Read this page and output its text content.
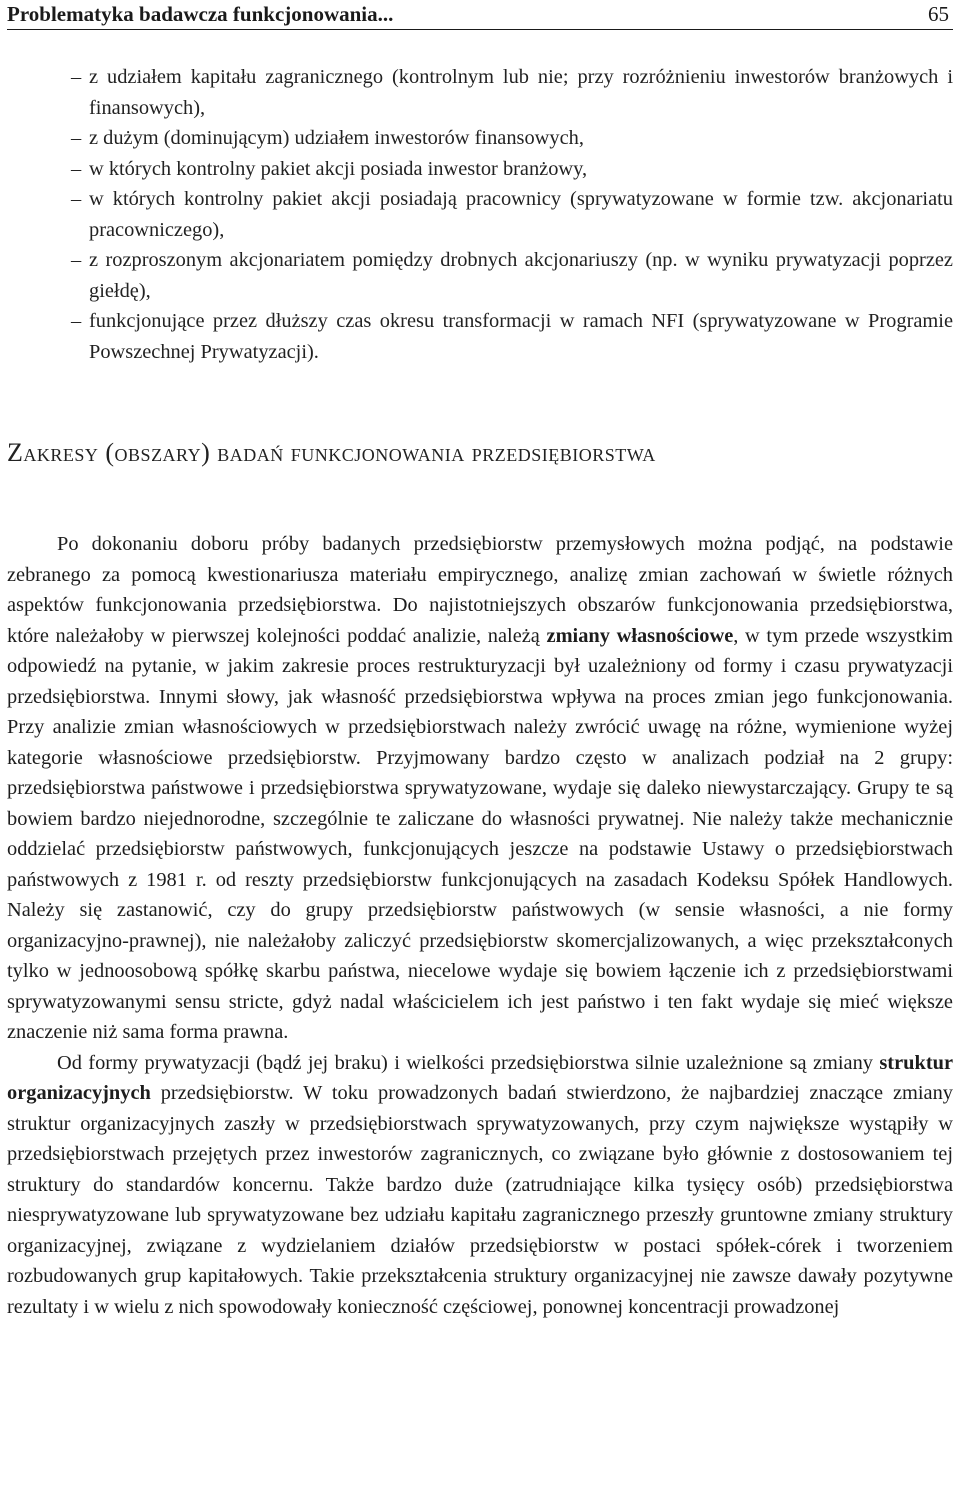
Problematyka badawcza funkcjonowania...	65
– z udziałem kapitału zagranicznego (kontrolnym lub nie; przy rozróżnieniu inwestorów branżowych i finansowych),
– z dużym (dominującym) udziałem inwestorów finansowych,
– w których kontrolny pakiet akcji posiada inwestor branżowy,
– w których kontrolny pakiet akcji posiadają pracownicy (sprywatyzowane w formie tzw. akcjonariatu pracowniczego),
– z rozproszonym akcjonariatem pomiędzy drobnych akcjonariuszy (np. w wyniku prywatyzacji poprzez giełdę),
– funkcjonujące przez dłuższy czas okresu transformacji w ramach NFI (sprywatyzowane w Programie Powszechnej Prywatyzacji).
Zakresy (obszary) badań funkcjonowania przedsiębiorstwa

Po dokonaniu doboru próby badanych przedsiębiorstw przemysłowych można podjąć, na podstawie zebranego za pomocą kwestionariusza materiału empirycznego, analizę zmian zachowań w świetle różnych aspektów funkcjonowania przedsiębiorstwa. Do najistotniejszych obszarów funkcjonowania przedsiębiorstwa, które należałoby w pierwszej kolejności poddać analizie, należą zmiany własnościowe, w tym przede wszystkim odpowiedź na pytanie, w jakim zakresie proces restrukturyzacji był uzależniony od formy i czasu prywatyzacji przedsiębiorstwa. Innymi słowy, jak własność przedsiębiorstwa wpływa na proces zmian jego funkcjonowania. Przy analizie zmian własnościowych w przedsiębiorstwach należy zwrócić uwagę na różne, wymienione wyżej kategorie własnościowe przedsiębiorstw. Przyjmowany bardzo często w analizach podział na 2 grupy: przedsiębiorstwa państwowe i przedsiębiorstwa sprywatyzowane, wydaje się daleko niewystarczający. Grupy te są bowiem bardzo niejednorodne, szczególnie te zaliczane do własności prywatnej. Nie należy także mechanicznie oddzielać przedsiębiorstw państwowych, funkcjonujących jeszcze na podstawie Ustawy o przedsiębiorstwach państwowych z 1981 r. od reszty przedsiębiorstw funkcjonujących na zasadach Kodeksu Spółek Handlowych. Należy się zastanowić, czy do grupy przedsiębiorstw państwowych (w sensie własności, a nie formy organizacyjno-prawnej), nie należałoby zaliczyć przedsiębiorstw skomercjalizowanych, a więc przekształconych tylko w jednoosobową spółkę skarbu państwa, niecelowe wydaje się bowiem łączenie ich z przedsiębiorstwami sprywatyzowanymi sensu stricte, gdyż nadal właścicielem ich jest państwo i ten fakt wydaje się mieć większe znaczenie niż sama forma prawna.

Od formy prywatyzacji (bądź jej braku) i wielkości przedsiębiorstwa silnie uzależnione są zmiany struktur organizacyjnych przedsiębiorstw. W toku prowadzonych badań stwierdzono, że najbardziej znaczące zmiany struktur organizacyjnych zaszły w przedsiębiorstwach sprywatyzowanych, przy czym największe wystąpiły w przedsiębiorstwach przejętych przez inwestorów zagranicznych, co związane było głównie z dostosowaniem tej struktury do standardów koncernu. Także bardzo duże (zatrudniające kilka tysięcy osób) przedsiębiorstwa niesprywatyzowane lub sprywatyzowane bez udziału kapitału zagranicznego przeszły gruntowne zmiany struktury organizacyjnej, związane z wydzielaniem działów przedsiębiorstw w postaci spółek-córek i tworzeniem rozbudowanych grup kapitałowych. Takie przekształcenia struktury organizacyjnej nie zawsze dawały pozytywne rezultaty i w wielu z nich spowodowały konieczność częściowej, ponownej koncentracji prowadzonej
